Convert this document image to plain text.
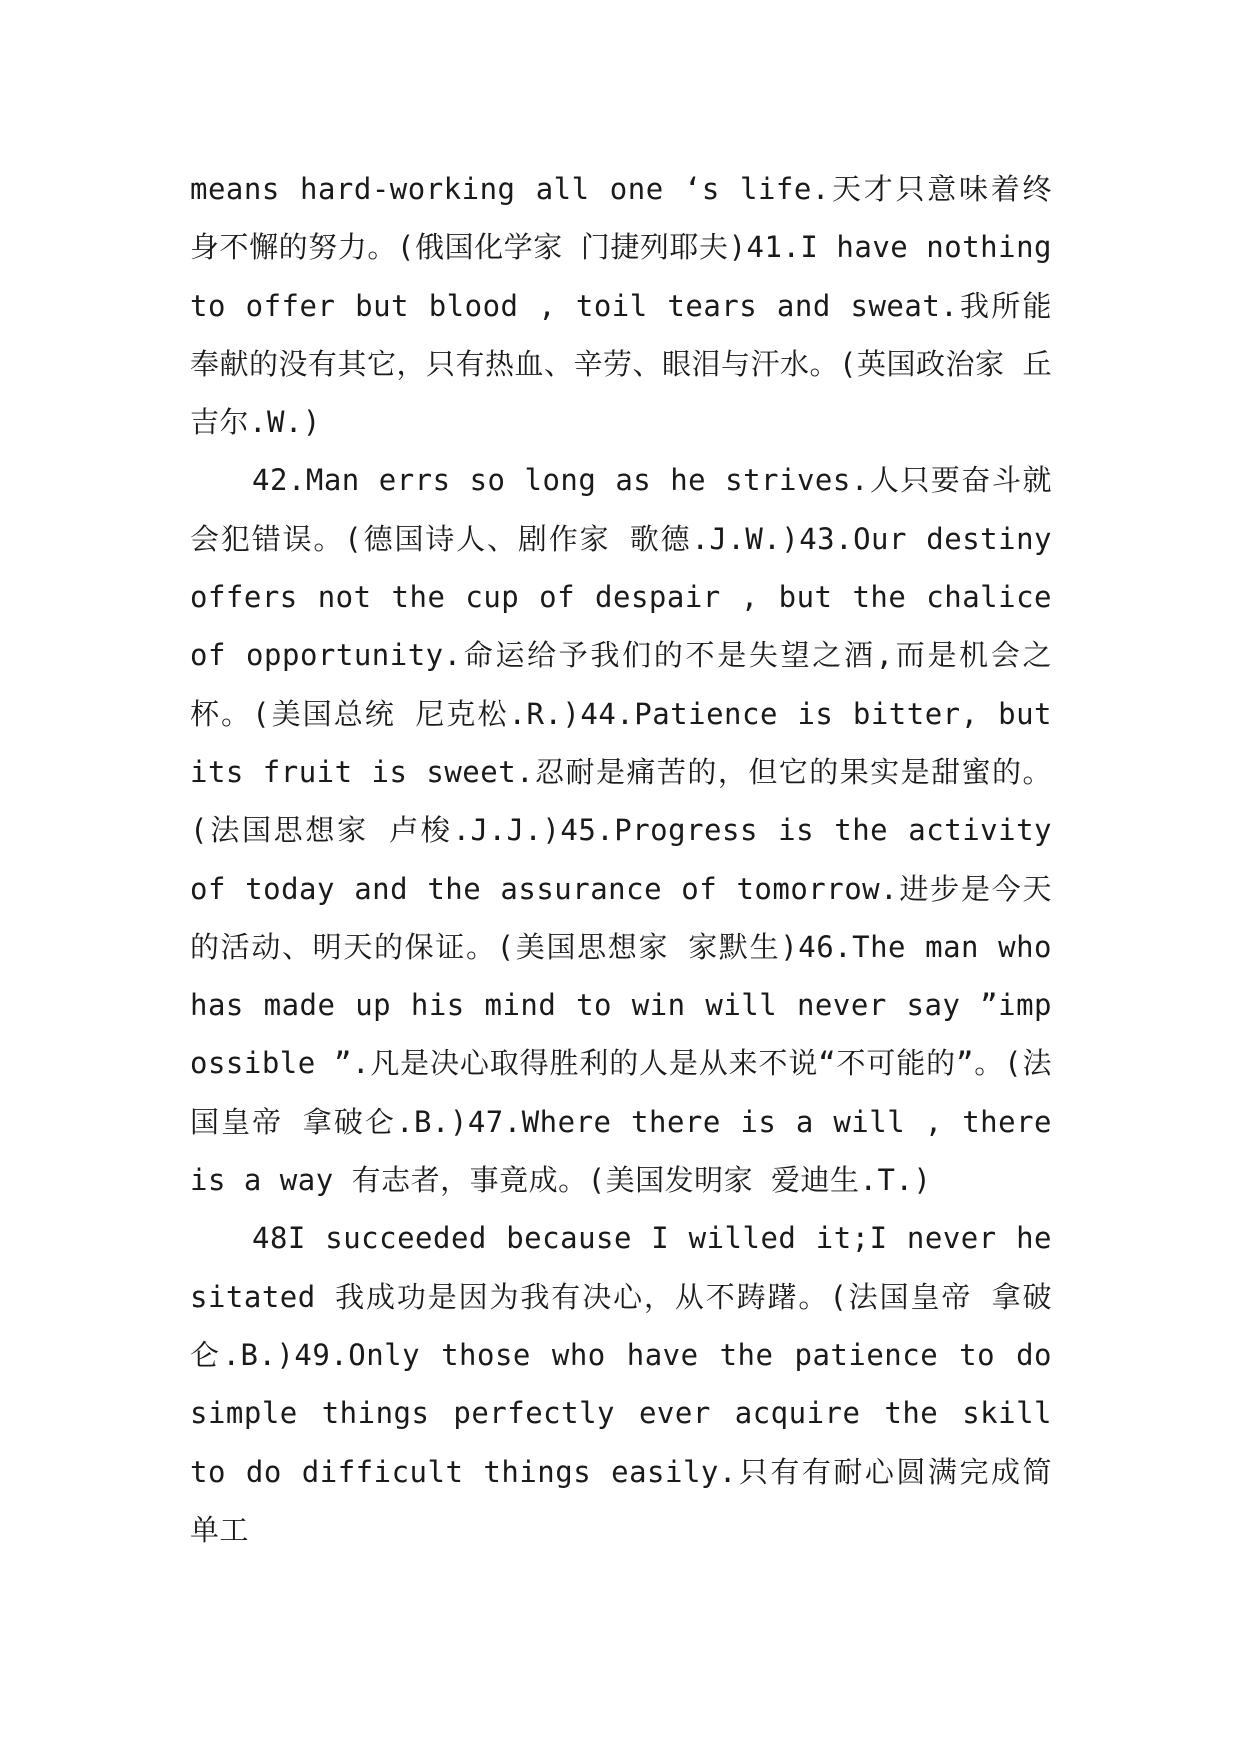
means hard-working all one ‘s life.天才只意味着终身不懈的努力。(俄国化学家 门捷列耶夫)41.I have nothing to offer but blood , toil tears and sweat.我所能奉献的没有其它，只有热血、辛劳、眼泪与汗水。(英国政治家 丘吉尔.W.)

42.Man errs so long as he strives.人只要奋斗就会犯错误。(德国诗人、剧作家 歌德.J.W.)43.Our destiny offers not the cup of despair , but the chalice of opportunity.命运给予我们的不是失望之酒,而是机会之杯。(美国总统 尼克松.R.)44.Patience is bitter, but its fruit is sweet.忍耐是痛苦的，但它的果实是甜蜜的。(法国思想家 卢梭.J.J.)45.Progress is the activity of today and the assurance of tomorrow.进步是今天的活动、明天的保证。(美国思想家 家默生)46.The man who has made up his mind to win will never say ”impossible ”.凡是决心取得胜利的人是从来不说“不可能的”。(法国皇帝 拿破仑.B.)47.Where there is a will , there is a way 有志者，事竟成。(美国发明家 爱迪生.T.)

48I succeeded because I willed it;I never hesitated 我成功是因为我有决心，从不踌躇。(法国皇帝 拿破仑.B.)49.Only those who have the patience to do simple things perfectly ever acquire the skill to do difficult things easily.只有有耐心圆满完成简单工
